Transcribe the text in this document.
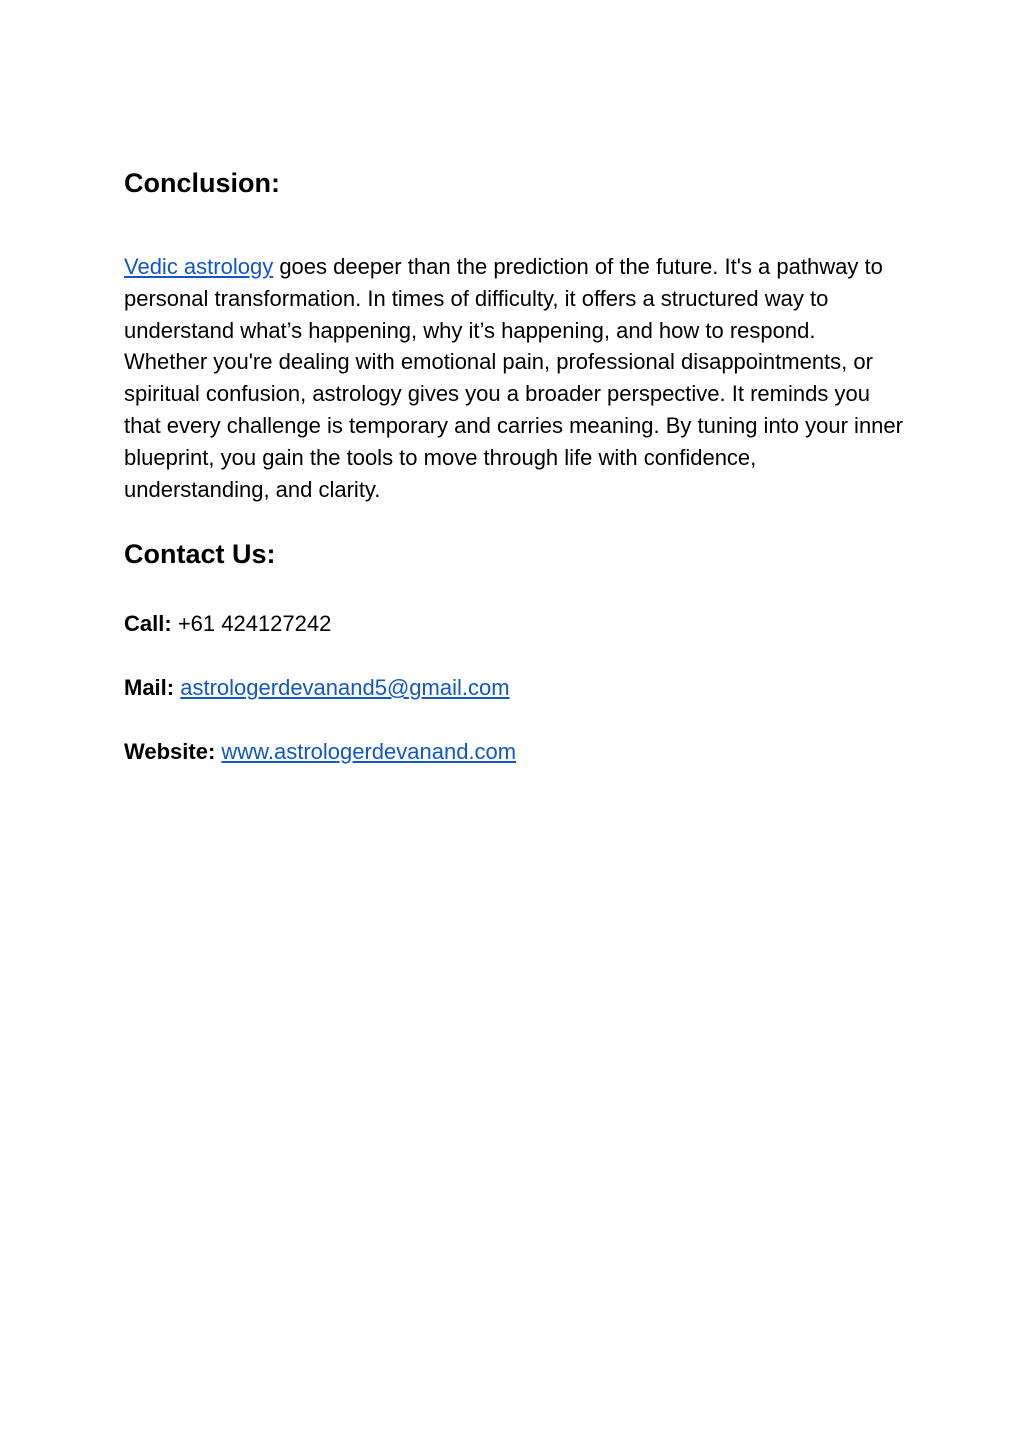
Conclusion:

Vedic astrology goes deeper than the prediction of the future. It's a pathway to personal transformation. In times of difficulty, it offers a structured way to understand what’s happening, why it’s happening, and how to respond. Whether you're dealing with emotional pain, professional disappointments, or spiritual confusion, astrology gives you a broader perspective. It reminds you that every challenge is temporary and carries meaning. By tuning into your inner blueprint, you gain the tools to move through life with confidence, understanding, and clarity.

Contact Us:
Call: +61 424127242
Mail: astrologerdevanand5@gmail.com
Website: www.astrologerdevanand.com
